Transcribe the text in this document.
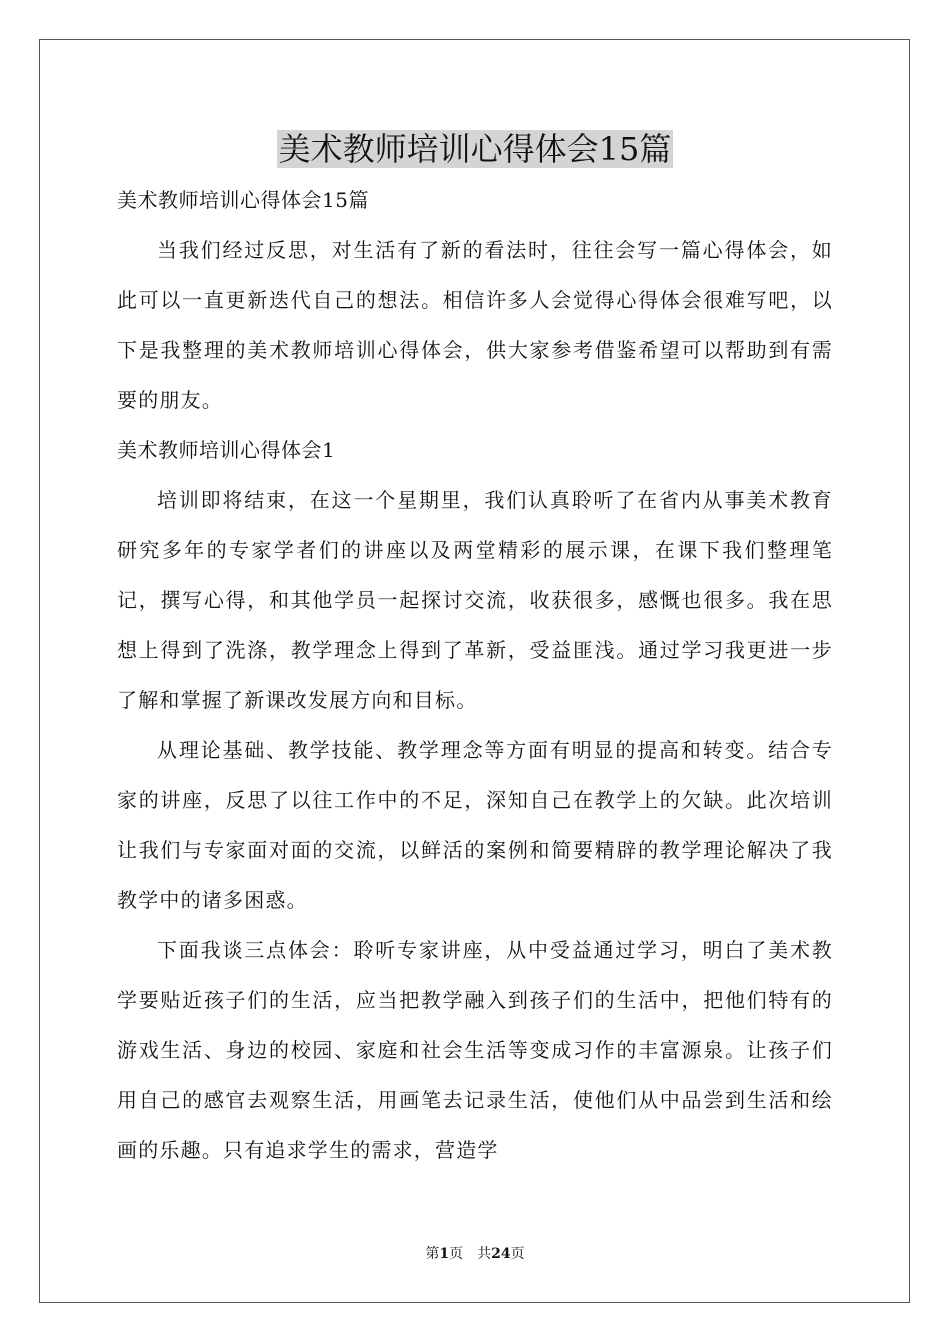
美术教师培训心得体会15篇

美术教师培训心得体会15篇

当我们经过反思，对生活有了新的看法时，往往会写一篇心得体会，如此可以一直更新迭代自己的想法。相信许多人会觉得心得体会很难写吧，以下是我整理的美术教师培训心得体会，供大家参考借鉴希望可以帮助到有需要的朋友。

美术教师培训心得体会1

培训即将结束，在这一个星期里，我们认真聆听了在省内从事美术教育研究多年的专家学者们的讲座以及两堂精彩的展示课，在课下我们整理笔记，撰写心得，和其他学员一起探讨交流，收获很多，感慨也很多。我在思想上得到了洗涤，教学理念上得到了革新，受益匪浅。通过学习我更进一步了解和掌握了新课改发展方向和目标。

从理论基础、教学技能、教学理念等方面有明显的提高和转变。结合专家的讲座，反思了以往工作中的不足，深知自己在教学上的欠缺。此次培训让我们与专家面对面的交流，以鲜活的案例和简要精辟的教学理论解决了我教学中的诸多困惑。

下面我谈三点体会：聆听专家讲座，从中受益通过学习，明白了美术教学要贴近孩子们的生活，应当把教学融入到孩子们的生活中，把他们特有的游戏生活、身边的校园、家庭和社会生活等变成习作的丰富源泉。让孩子们用自己的感官去观察生活，用画笔去记录生活，使他们从中品尝到生活和绘画的乐趣。只有追求学生的需求，营造学

第1页 共24页
